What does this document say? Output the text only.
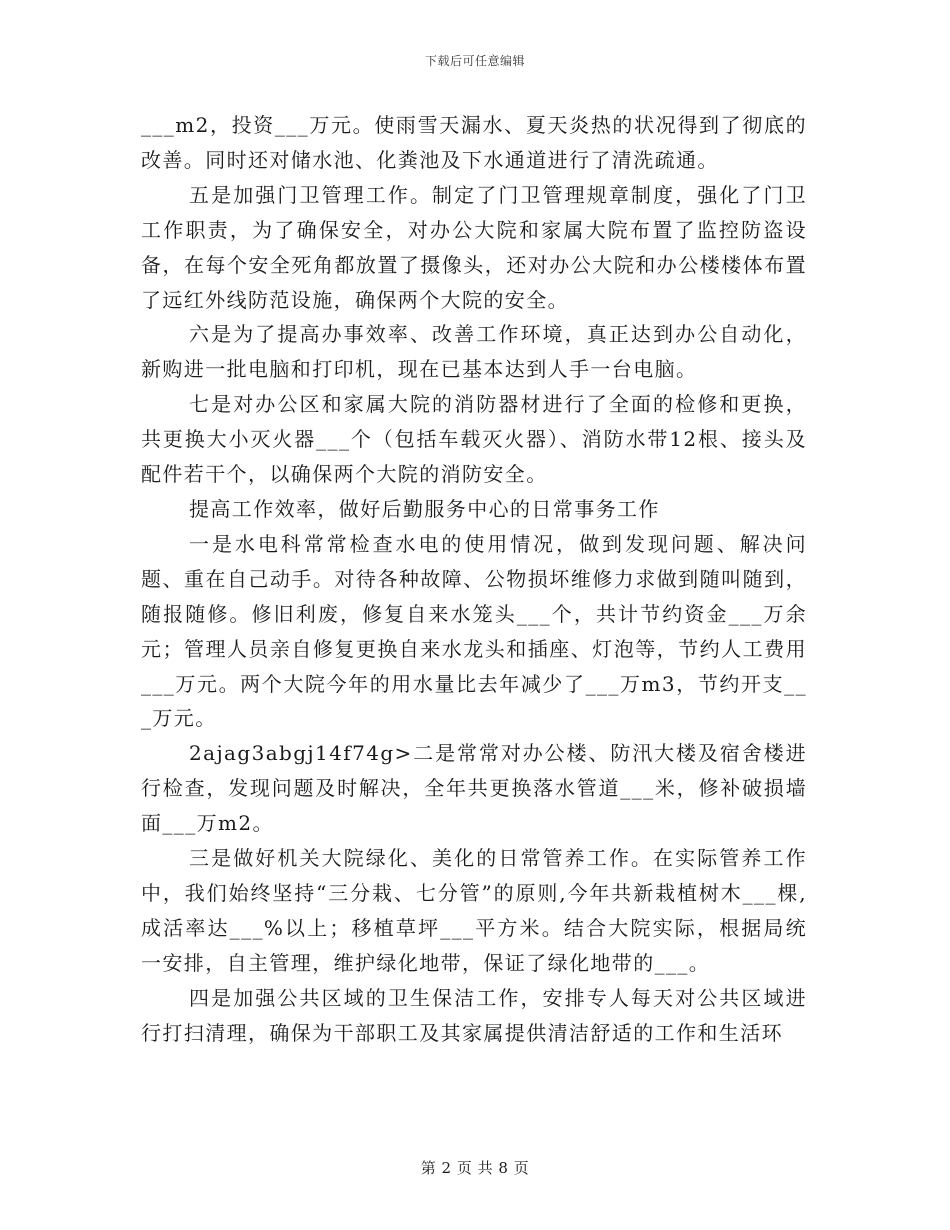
下载后可任意编辑

___m2，投资___万元。使雨雪天漏水、夏天炎热的状况得到了彻底的改善。同时还对储水池、化粪池及下水通道进行了清洗疏通。

五是加强门卫管理工作。制定了门卫管理规章制度，强化了门卫工作职责，为了确保安全，对办公大院和家属大院布置了监控防盗设备，在每个安全死角都放置了摄像头，还对办公大院和办公楼楼体布置了远红外线防范设施，确保两个大院的安全。

六是为了提高办事效率、改善工作环境，真正达到办公自动化，新购进一批电脑和打印机，现在已基本达到人手一台电脑。

七是对办公区和家属大院的消防器材进行了全面的检修和更换，共更换大小灭火器___个（包括车载灭火器）、消防水带12根、接头及配件若干个，以确保两个大院的消防安全。

提高工作效率，做好后勤服务中心的日常事务工作

一是水电科常常检查水电的使用情况，做到发现问题、解决问题、重在自己动手。对待各种故障、公物损坏维修力求做到随叫随到，随报随修。修旧利废，修复自来水笼头___个，共计节约资金___万余元；管理人员亲自修复更换自来水龙头和插座、灯泡等，节约人工费用___万元。两个大院今年的用水量比去年减少了___万m3，节约开支___万元。

2ajag3abgj14f74g>二是常常对办公楼、防汛大楼及宿舍楼进行检查，发现问题及时解决，全年共更换落水管道___米，修补破损墙面___万m2。

三是做好机关大院绿化、美化的日常管养工作。在实际管养工作中，我们始终坚持“三分栽、七分管”的原则,今年共新栽植树木___棵,成活率达___%以上；移植草坪___平方米。结合大院实际，根据局统一安排，自主管理，维护绿化地带，保证了绿化地带的___。

四是加强公共区域的卫生保洁工作，安排专人每天对公共区域进行打扫清理，确保为干部职工及其家属提供清洁舒适的工作和生活环

第 2 页 共 8 页
